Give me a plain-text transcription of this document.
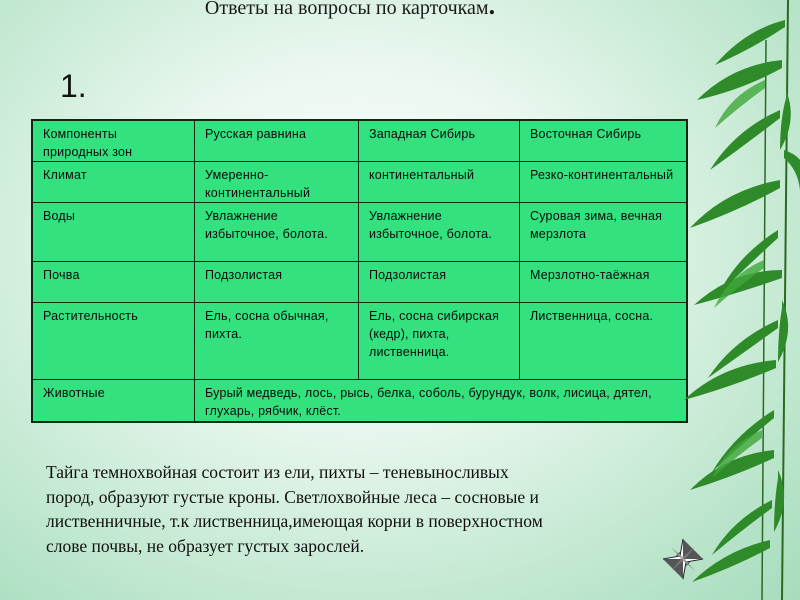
Ответы на вопросы по карточкам.
1.
Компоненты природных зон	Русская равнина	Западная Сибирь	Восточная Сибирь
Климат	Умеренно-континентальный	континентальный	Резко-континентальный
Воды	Увлажнение избыточное, болота.	Увлажнение избыточное, болота.	Суровая зима, вечная мерзлота
Почва	Подзолистая	Подзолистая	Мерзлотно-таёжная
Растительность	Ель, сосна обычная, пихта.	Ель, сосна сибирская (кедр), пихта, лиственница.	Лиственница, сосна.
Животные	Бурый медведь, лось, рысь, белка, соболь, бурундук, волк, лисица, дятел, глухарь, рябчик, клёст.		
Тайга темнохвойная состоит из ели, пихты – теневыносливых
пород, образуют густые кроны. Светлохвойные леса – сосновые и
лиственничные, т.к лиственница,имеющая корни в поверхностном
слове почвы, не образует густых зарослей.
